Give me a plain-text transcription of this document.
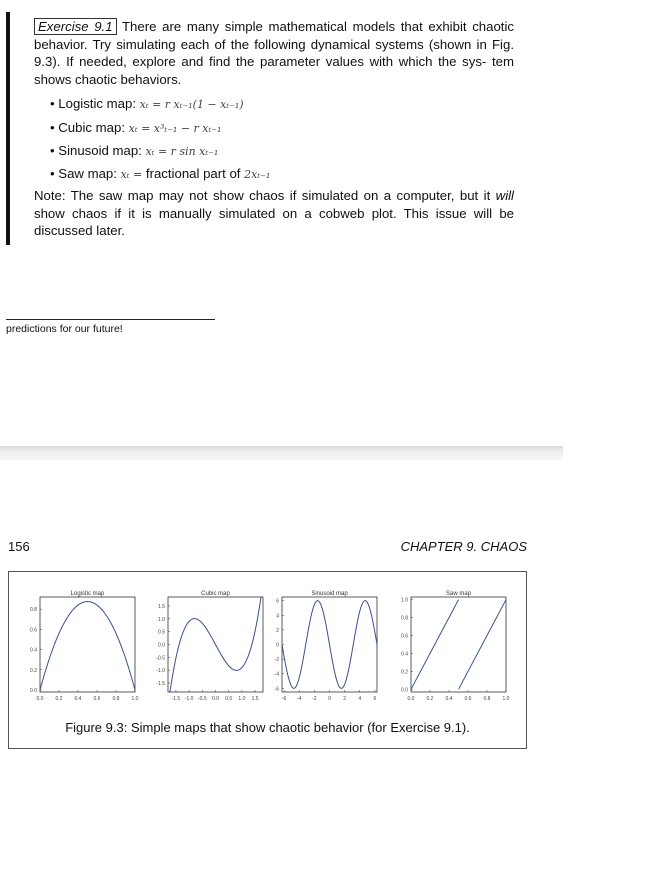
Exercise 9.1 There are many simple mathematical models that exhibit chaotic behavior. Try simulating each of the following dynamical systems (shown in Fig. 9.3). If needed, explore and find the parameter values with which the sys- tem shows chaotic behaviors.
• Logistic map: xₜ = r xₜ₋₁(1 − xₜ₋₁)
• Cubic map: xₜ = x³ₜ₋₁ − r xₜ₋₁
• Sinusoid map: xₜ = r sin xₜ₋₁
• Saw map: xₜ = fractional part of 2xₜ₋₁
Note: The saw map may not show chaos if simulated on a computer, but it will show chaos if it is manually simulated on a cobweb plot. This issue will be discussed later.
predictions for our future!
156	CHAPTER 9. CHAOS
Logistic map
0.0 0.2 0.4 0.6 0.8 1.0
0.0
0.2
0.4
0.6
0.8
Cubic map
-1.5 -1.0 -0.5 0.0 0.5 1.0 1.5
-1.5
-1.0
-0.5
0.0
0.5
1.0
1.5
Sinusoid map
-6 -4 -2 0 2 4 6
-6
-4
-2
0
2
4
6
Saw map
0.0 0.2 0.4 0.6 0.8 1.0
0.0
0.2
0.4
0.6
0.8
1.0
Figure 9.3: Simple maps that show chaotic behavior (for Exercise 9.1).
